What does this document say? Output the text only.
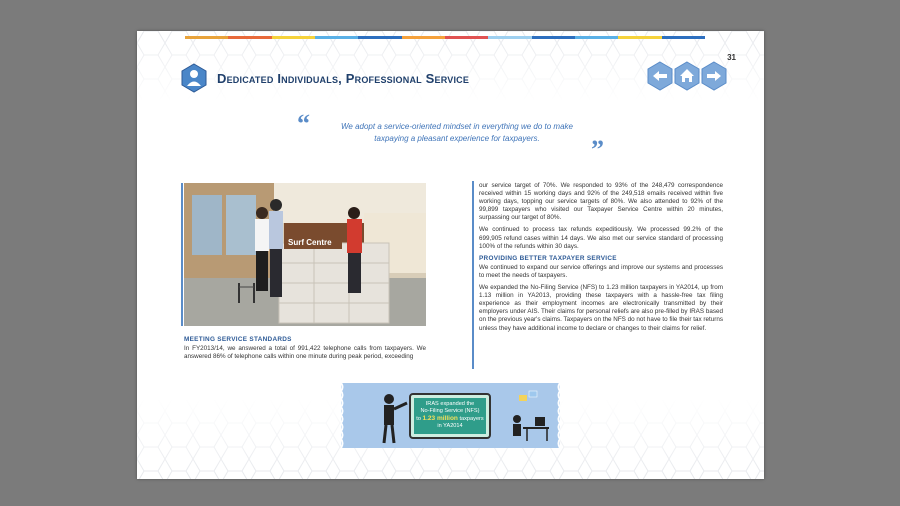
31
Dedicated Individuals, Professional Service
“	We adopt a service-oriented mindset in everything we do to make
taxpaying a pleasant experience for taxpayers.	”
Surf Centre
MEETING SERVICE STANDARDS

In FY2013/14, we answered a total of 991,422 telephone calls from taxpayers. We answered 86% of telephone calls within one minute during peak period, exceeding

our service target of 70%. We responded to 93% of the 248,479 correspondence received within 15 working days and 92% of the 249,518 emails received within five working days, topping our service targets of 80%. We also attended to 92% of the 99,899 taxpayers who visited our Taxpayer Service Centre within 20 minutes, surpassing our target of 80%.

We continued to process tax refunds expeditiously. We processed 99.2% of the 699,905 refund cases within 14 days. We also met our service standard of processing 100% of the refunds within 30 days.

PROVIDING BETTER TAXPAYER SERVICE

We continued to expand our service offerings and improve our systems and processes to meet the needs of taxpayers.

We expanded the No-Filing Service (NFS) to 1.23 million taxpayers in YA2014, up from 1.13 million in YA2013, providing these taxpayers with a hassle-free tax filing experience as their employment incomes are electronically transmitted by their employers under AIS. Their claims for personal reliefs are also pre-filled by IRAS based on the previous year's claims. Taxpayers on the NFS do not have to file their tax returns unless they have additional income to declare or changes to their claims for relief.

IRAS expanded the
No-Filing Service (NFS)
to 1.23 million taxpayers
in YA2014
